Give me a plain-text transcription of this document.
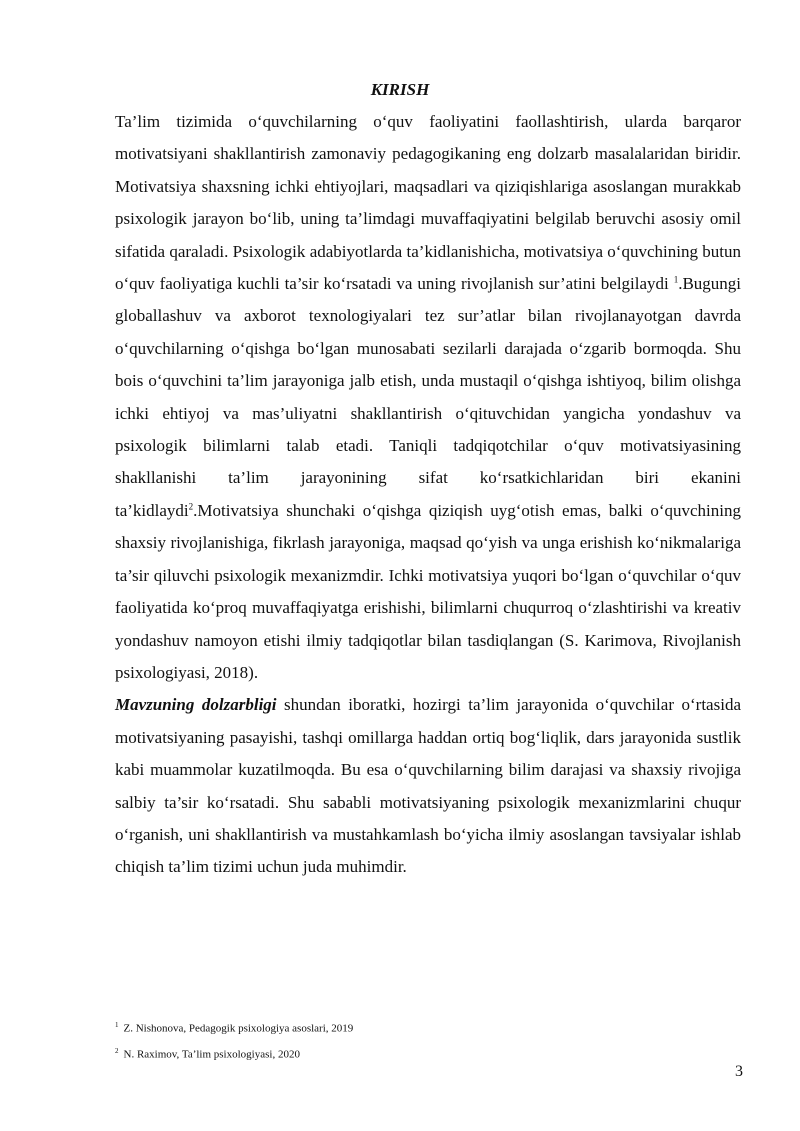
KIRISH

Ta’lim tizimida o‘quvchilarning o‘quv faoliyatini faollashtirish, ularda barqaror motivatsiyani shakllantirish zamonaviy pedagogikaning eng dolzarb masalalaridan biridir. Motivatsiya shaxsning ichki ehtiyojlari, maqsadlari va qiziqishlariga asoslangan murakkab psixologik jarayon bo‘lib, uning ta’limdagi muvaffaqiyatini belgilab beruvchi asosiy omil sifatida qaraladi. Psixologik adabiyotlarda ta’kidlanishicha, motivatsiya o‘quvchining butun o‘quv faoliyatiga kuchli ta’sir ko‘rsatadi va uning rivojlanish sur’atini belgilaydi $^1$.Bugungi globallashuv va axborot texnologiyalari tez sur’atlar bilan rivojlanayotgan davrda o‘quvchilarning o‘qishga bo‘lgan munosabati sezilarli darajada o‘zgarib bormoqda. Shu bois o‘quvchini ta’lim jarayoniga jalb etish, unda mustaqil o‘qishga ishtiyoq, bilim olishga ichki ehtiyoj va mas’uliyatni shakllantirish o‘qituvchidan yangicha yondashuv va psixologik bilimlarni talab etadi. Taniqli tadqiqotchilar o‘quv motivatsiyasining shakllanishi ta’lim jarayonining sifat ko‘rsatkichlaridan biri ekanini ta’kidlaydi$^2$.Motivatsiya shunchaki o‘qishga qiziqish uyg‘otish emas, balki o‘quvchining shaxsiy rivojlanishiga, fikrlash jarayoniga, maqsad qo‘yish va unga erishish ko‘nikmalariga ta’sir qiluvchi psixologik mexanizmdir. Ichki motivatsiya yuqori bo‘lgan o‘quvchilar o‘quv faoliyatida ko‘proq muvaffaqiyatga erishishi, bilimlarni chuqurroq o‘zlashtirishi va kreativ yondashuv namoyon etishi ilmiy tadqiqotlar bilan tasdiqlangan (S. Karimova, Rivojlanish psixologiyasi, 2018).

Mavzuning dolzarbligi shundan iboratki, hozirgi ta’lim jarayonida o‘quvchilar o‘rtasida motivatsiyaning pasayishi, tashqi omillarga haddan ortiq bog‘liqlik, dars jarayonida sustlik kabi muammolar kuzatilmoqda. Bu esa o‘quvchilarning bilim darajasi va shaxsiy rivojiga salbiy ta’sir ko‘rsatadi. Shu sababli motivatsiyaning psixologik mexanizmlarini chuqur o‘rganish, uni shakllantirish va mustahkamlash bo‘yicha ilmiy asoslangan tavsiyalar ishlab chiqish ta’lim tizimi uchun juda muhimdir.

$^1$ Z. Nishonova, Pedagogik psixologiya asoslari, 2019
$^2$ N. Raximov, Ta’lim psixologiyasi, 2020
3
